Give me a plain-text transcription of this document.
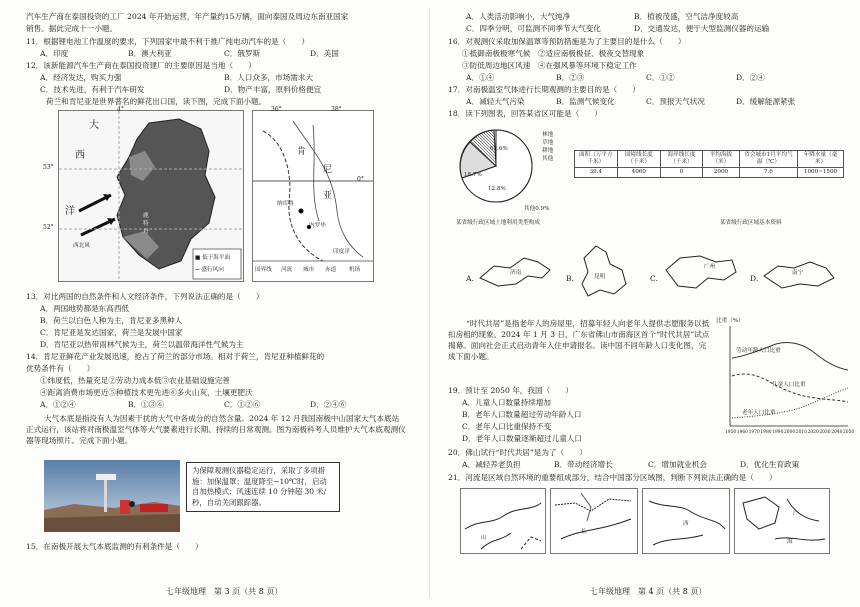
汽车生产商在泰国投资的工厂 2024 年开始运营，年产量约15万辆，面向泰国及周边东南亚国家
销售。据此完成十一小题。
11．根据锂电池工作温度的要求，下列国家中最不利于推广纯电动汽车的是（　　）
A．印度	B．澳大利亚	C．俄罗斯	D．美国
12．该新能源汽车生产商在泰国投资建厂的主要原因是当地（　　）
A．经济发达，购买力强	B．人口众多，市场需求大
C．技术先进，有利于汽车研发	D．物产丰富，原料价格便宜
荷兰和肯尼亚是世界著名的鲜花出口国，读下图，完成下面小题。
4°
53°
52°
大
西
洋
西北风
鹿
特
丹
■ 低于海平面
→ 盛行风向
36°	38°
0°
肯
尼
亚
纳库鲁
内罗毕
印度洋
国界线 河流 城市 赤道 机场
13．对比两国的自然条件和人文经济条件，下列说法正确的是（　　）
A．两国地势都是东高西低
B．荷兰以白色人种为主，肯尼亚多黑种人
C．肯尼亚是发达国家，荷兰是发展中国家
D．肯尼亚以热带雨林气候为主，荷兰以温带海洋性气候为主
14．肯尼亚鲜花产业发展迅速，抢占了荷兰的部分市场。相对于荷兰，肯尼亚种植鲜花的
优势条件有（　　）
①纬度低，热量充足②劳动力成本低③农业基础设施完善
④距离消费市场更近⑤种植技术更先进⑥多火山灰，土壤更肥沃
A．①②④	B．①③⑥	C．①②⑥	D．②④⑥
大气本底是指没有人为因素干扰的大气中各成分的自然含量。2024 年 12 月我国南极中山国家大气本底站正式运行，该站将对南极温室气体等大气要素进行长期、持续的日常观测。图为南极科考人员维护大气本底观测仪器等现场照片。完成下面小题。
为保障观测仪器稳定运行，采取了多项措施：加保温罩；温度降至−10℃时，启动自加热模式；风速连续 10 分钟超 30 米/秒，自动关闭跟踪器。
15．在南极开展大气本底监测的有利条件是（　　）
七年级地理　第 3 页（共 8 页）
A．人类活动影响小，大气纯净	B．植被茂盛，空气洁净度较高
C．四季分明，可监测不同季节大气变化	D．交通发达，便于大型监测仪器的运输
16．对观测仪采取加保温罩等预防措施是为了主要目的是什么（　　）
①抵御南极极寒气候　②适应南极极昼、极夜交替现象
③防低周边地区风速　④在强风暴等环境下稳定工作
A．①④	B．②③	C．①②	D．②④
17．对南极温室气体进行长期观测的主要目的是（　　）
A．减轻大气污染	B．监测气候变化	C．预报天气状况	D．缓解能源紧张
18．读下列图表，回答某省区可能是（　　）
67.6%
18.7%
12.8%
其他0.9%
林地
草地
耕地
其他
某省级行政区域土地利用类型构成
面积（万平方千米）	国境线长度（千米）	海岸线长度（千米）	平均海拔（米）	省会城市1月平均气温（℃）	年降水量（毫米）
39.4	4060	0	2000	7.6	1000~1500
某省级行政区域基本资料
A.
济南
B.	昆明	C.
广州
D.
南宁
“时代共居”是指老年人的房屋里，招募年轻人向老年人提供志愿服务以抵扣房租的现象。2024 年 1 月 3 日，广东省佛山市南海区首个“时代共居”试点揭幕。面向社会正式启动青年入住申请报名。读中国不同年龄人口变化图，完成下面小题。
比重（%）
劳动年龄人口比重
儿童人口比重
老年人口比重
1950 1960 1970 1980 1990 2000 2010 2020 2030 2040 2050
19．预计至 2050 年，我国（　　）
A．儿童人口数量持续增加
B．老年人口数量超过劳动年龄人口
C．老年人口比重保持不变
D．老年人口数量逐渐超过儿童人口
20．佛山试行“时代共居”是为了（　　）
A．减轻养老负担	B．带动经济增长	C．增加就业机会	D．优化生育政策
21．河流是区域自然环境的重要组成部分，结合中国部分区域图，判断下列说法正确的是（　　）
山
长
西
广
海
七年级地理　第 4 页（共 8 页）
